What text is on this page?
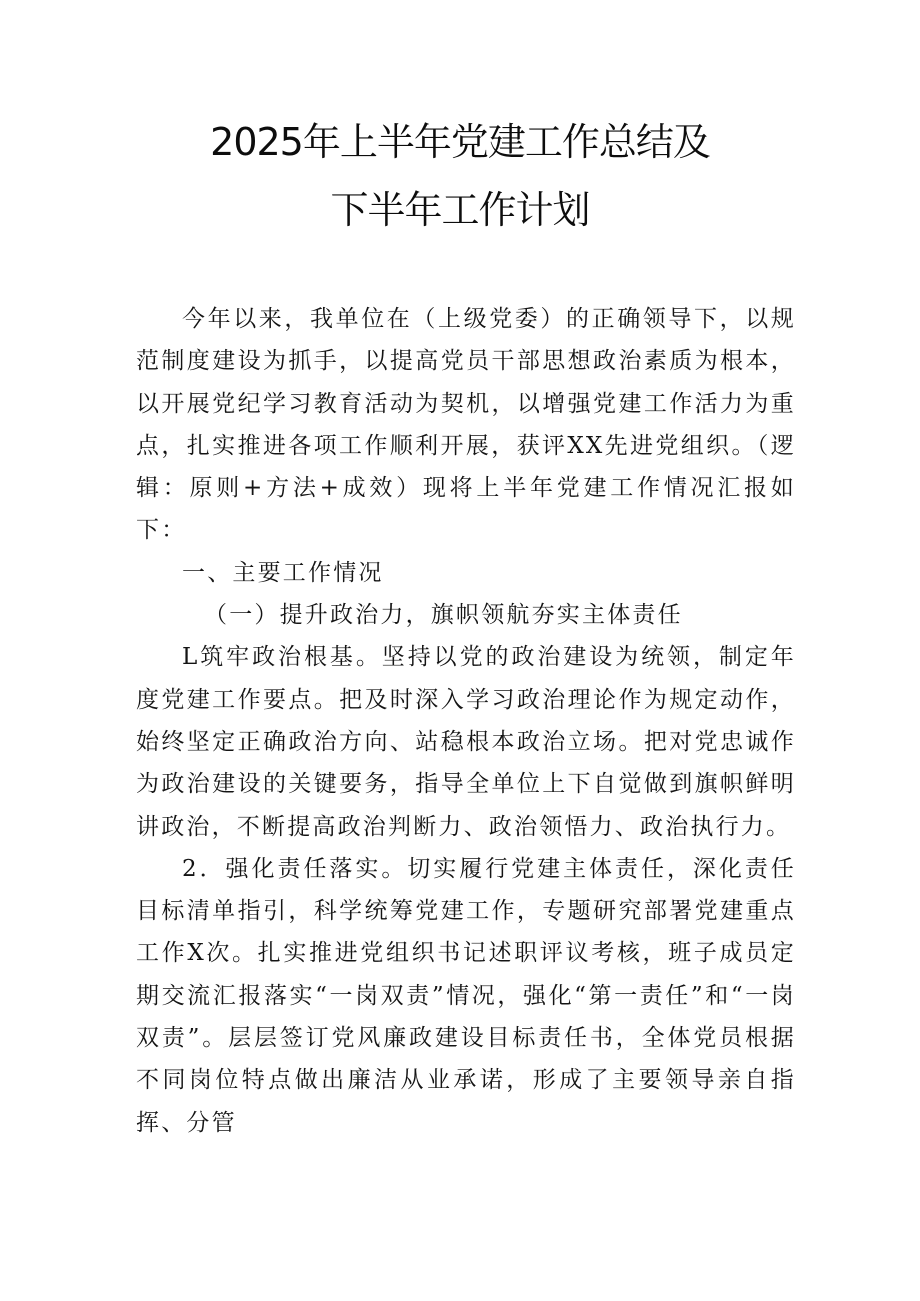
2025年上半年党建工作总结及
下半年工作计划

今年以来，我单位在（上级党委）的正确领导下，以规范制度建设为抓手，以提高党员干部思想政治素质为根本，以开展党纪学习教育活动为契机，以增强党建工作活力为重点，扎实推进各项工作顺利开展，获评XX先进党组织。（逻辑：原则+方法+成效）现将上半年党建工作情况汇报如下：

一、主要工作情况

（一）提升政治力，旗帜领航夯实主体责任

L筑牢政治根基。坚持以党的政治建设为统领，制定年度党建工作要点。把及时深入学习政治理论作为规定动作，始终坚定正确政治方向、站稳根本政治立场。把对党忠诚作为政治建设的关键要务，指导全单位上下自觉做到旗帜鲜明讲政治，不断提高政治判断力、政治领悟力、政治执行力。

2．强化责任落实。切实履行党建主体责任，深化责任目标清单指引，科学统筹党建工作，专题研究部署党建重点工作X次。扎实推进党组织书记述职评议考核，班子成员定期交流汇报落实“一岗双责”情况，强化“第一责任”和“一岗双责”。层层签订党风廉政建设目标责任书，全体党员根据不同岗位特点做出廉洁从业承诺，形成了主要领导亲自指挥、分管
